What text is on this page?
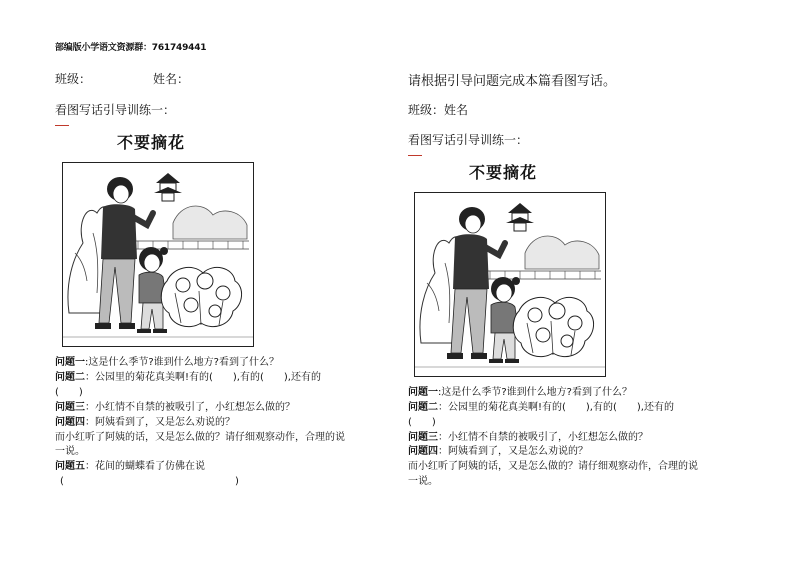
部编版小学语文资源群：761749441
班级：	姓名：
看图写话引导训练一：
不要摘花
问题一:这是什么季节?谁到什么地方?看到了什么？
问题二：公园里的菊花真美啊!有的(　　),有的(　　),还有的
(　　)
问题三：小红情不自禁的被吸引了，小红想怎么做的？
问题四：阿姨看到了，又是怎么劝说的？
而小红听了阿姨的话，又是怎么做的？请仔细观察动作，合理的说
一说。
问题五：花间的蝴蝶看了仿佛在说
(	)
请根据引导问题完成本篇看图写话。
班级：姓名
看图写话引导训练一：
不要摘花
问题一:这是什么季节?谁到什么地方?看到了什么？
问题二：公园里的菊花真美啊!有的(　　),有的(　　),还有的
(　　)
问题三：小红情不自禁的被吸引了，小红想怎么做的？
问题四：阿姨看到了，又是怎么劝说的？
而小红听了阿姨的话，又是怎么做的？请仔细观察动作，合理的说
一说。
